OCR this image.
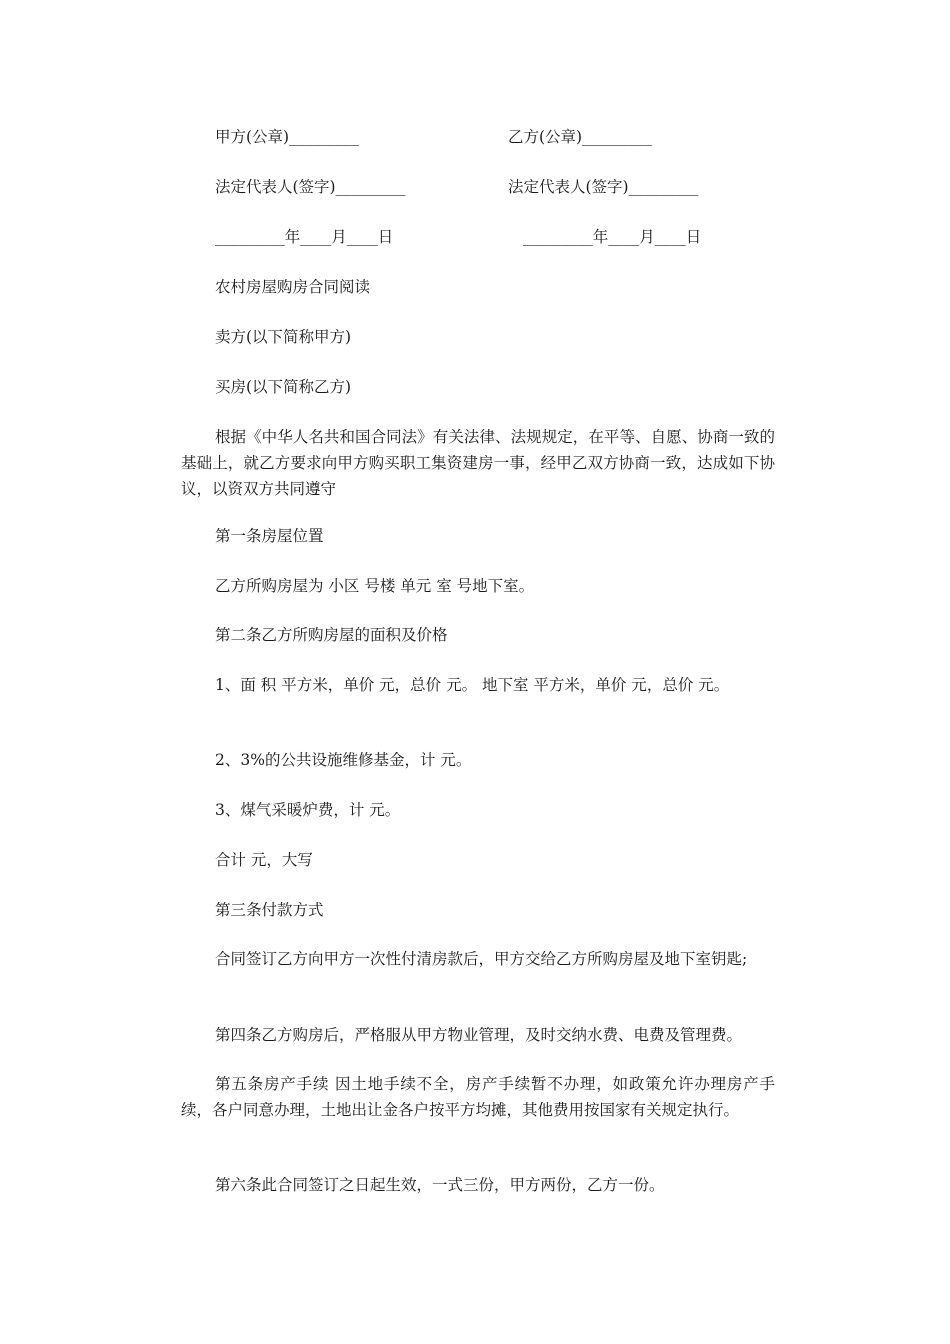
甲方(公章)_________	乙方(公章)_________
法定代表人(签字)_________	法定代表人(签字)_________
_________年____月____日	_________年____月____日
农村房屋购房合同阅读
卖方(以下简称甲方)
买房(以下简称乙方)
根据《中华人名共和国合同法》有关法律、法规规定，在平等、自愿、协商一致的基础上，就乙方要求向甲方购买职工集资建房一事，经甲乙双方协商一致，达成如下协议，以资双方共同遵守
第一条房屋位置
乙方所购房屋为 小区 号楼 单元 室 号地下室。
第二条乙方所购房屋的面积及价格
1、面 积 平方米，单价 元，总价 元。 地下室 平方米，单价 元，总价 元。
2、3%的公共设施维修基金，计 元。
3、煤气采暖炉费，计 元。
合计 元，大写
第三条付款方式
合同签订乙方向甲方一次性付清房款后，甲方交给乙方所购房屋及地下室钥匙;
第四条乙方购房后，严格服从甲方物业管理，及时交纳水费、电费及管理费。
第五条房产手续 因土地手续不全，房产手续暂不办理，如政策允许办理房产手续，各户同意办理，土地出让金各户按平方均摊，其他费用按国家有关规定执行。
第六条此合同签订之日起生效，一式三份，甲方两份，乙方一份。
